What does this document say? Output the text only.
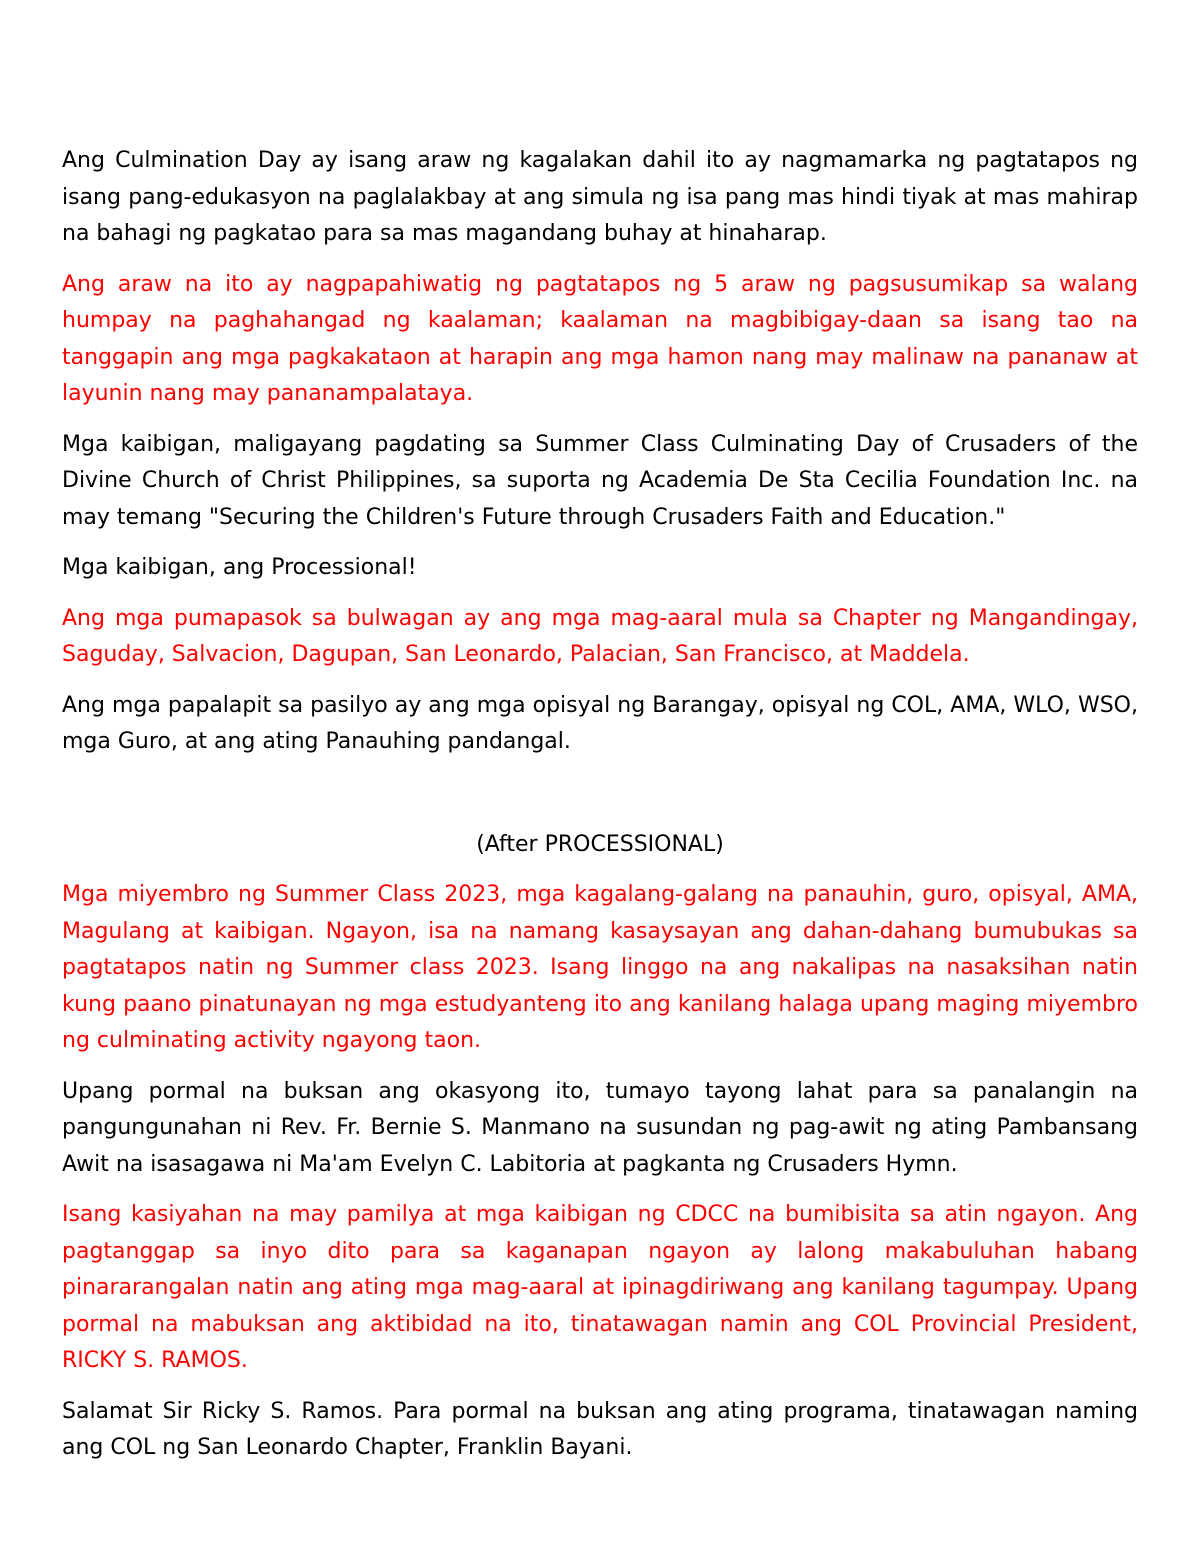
Ang Culmination Day ay isang araw ng kagalakan dahil ito ay nagmamarka ng pagtatapos ng isang pang-edukasyon na paglalakbay at ang simula ng isa pang mas hindi tiyak at mas mahirap na bahagi ng pagkatao para sa mas magandang buhay at hinaharap.

Ang araw na ito ay nagpapahiwatig ng pagtatapos ng 5 araw ng pagsusumikap sa walang humpay na paghahangad ng kaalaman; kaalaman na magbibigay-daan sa isang tao na tanggapin ang mga pagkakataon at harapin ang mga hamon nang may malinaw na pananaw at layunin nang may pananampalataya.

Mga kaibigan, maligayang pagdating sa Summer Class Culminating Day of Crusaders of the Divine Church of Christ Philippines, sa suporta ng Academia De Sta Cecilia Foundation Inc. na may temang "Securing the Children's Future through Crusaders Faith and Education."

Mga kaibigan, ang Processional!

Ang mga pumapasok sa bulwagan ay ang mga mag-aaral mula sa Chapter ng Mangandingay, Saguday, Salvacion, Dagupan, San Leonardo, Palacian, San Francisco, at Maddela.

Ang mga papalapit sa pasilyo ay ang mga opisyal ng Barangay, opisyal ng COL, AMA, WLO, WSO, mga Guro, at ang ating Panauhing pandangal.

(After PROCESSIONAL)

Mga miyembro ng Summer Class 2023, mga kagalang-galang na panauhin, guro, opisyal, AMA, Magulang at kaibigan. Ngayon, isa na namang kasaysayan ang dahan-dahang bumubukas sa pagtatapos natin ng Summer class 2023. Isang linggo na ang nakalipas na nasaksihan natin kung paano pinatunayan ng mga estudyanteng ito ang kanilang halaga upang maging miyembro ng culminating activity ngayong taon.

Upang pormal na buksan ang okasyong ito, tumayo tayong lahat para sa panalangin na pangungunahan ni Rev. Fr. Bernie S. Manmano na susundan ng pag-awit ng ating Pambansang Awit na isasagawa ni Ma'am Evelyn C. Labitoria at pagkanta ng Crusaders Hymn.

Isang kasiyahan na may pamilya at mga kaibigan ng CDCC na bumibisita sa atin ngayon. Ang pagtanggap sa inyo dito para sa kaganapan ngayon ay lalong makabuluhan habang pinararangalan natin ang ating mga mag-aaral at ipinagdiriwang ang kanilang tagumpay. Upang pormal na mabuksan ang aktibidad na ito, tinatawagan namin ang COL Provincial President, RICKY S. RAMOS.

Salamat Sir Ricky S. Ramos. Para pormal na buksan ang ating programa, tinatawagan naming ang COL ng San Leonardo Chapter, Franklin Bayani.
